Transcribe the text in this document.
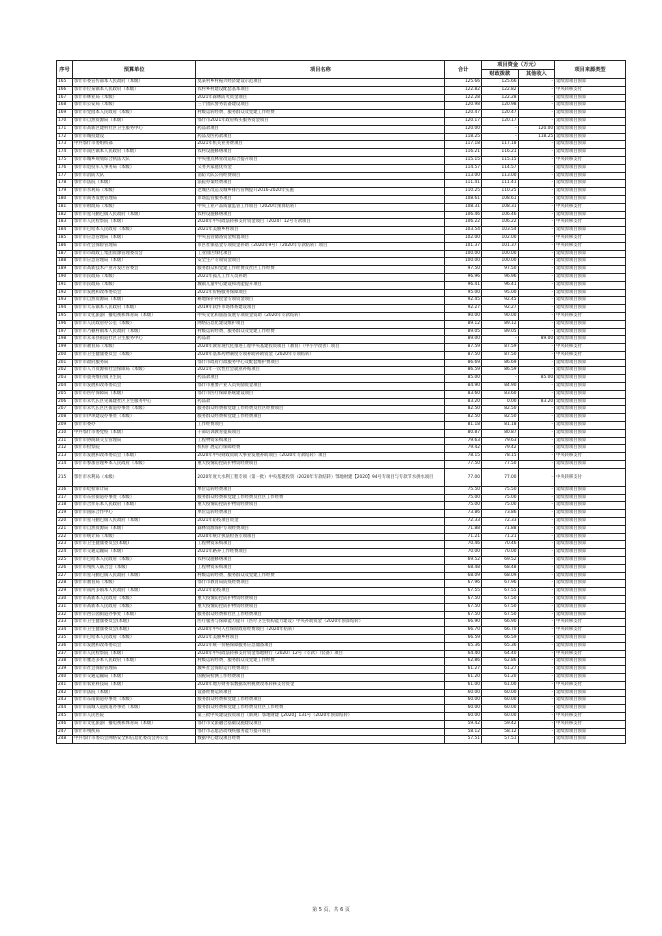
序号	预算单位	项目名称	合计	项目资金（万元）		项目来源类型
				财政拨款	其他收入	
165	鄂什市委宣传部本人民政府（本级）	莫某村乡村振兴经济建设示范项目	125.66	125.66	-	延续原项目预算
166	鄂什市位某镇本人民政府（本级）	农村乡村建设配套基本项目	122.82	122.82	-	中央转移支付
167	鄂什市林业局（本级）	2021年森林防火资金项目	122.28	122.28	-	延续原项目预算
168	鄂什市公安局（本级）	三个团队警务装备建设项目	120.98	120.98	-	延续原项目预算
169	鄂什市党园本人民政府（本级）	村级运转经费、服务群众及党建工作经费	120.47	120.47	-	延续原项目预算
170	鄂什市自然资源局（本级）	鄂什市2021年政府购买服务资金项目	120.17	120.17	-	延续原项目预算
171	鄂什市高新区建村社区卫生服务中心	药品款项目	120.00	-	120.00	延续原项目预算
172	鄂什市城投建设	药品及医药款项目	118.25	-	118.25	延续原项目预算
173	中共鄂什市委组织部	2021年机关业务费项目	117.18	117.18	-	延续原项目预算
174	鄂什市南区镇本人民政府（本级）	农村设施修缮项目	116.21	116.21	-	延续原项目预算
175	鄂什市城乡规划综合执法大队	中央重点林业改造综合提升项目	115.15	115.15	-	中央转移支付
176	鄂什市退役军人事务局（本级）	义务兵家庭优待金	114.57	114.57	-	延续原项目预算
177	鄂什市消防大队	消防大队公用经费项目	113.00	113.00	-	延续原项目预算
178	鄂什市法院（本级）	法院办案经费项目	111.41	111.41	-	延续原项目预算
179	鄂什市水利局（本级）	老城区改造及城乡排污管网提升2016-2020年实施	110.25	110.25	-	延续原项目预算
180	鄂什市商务发展管理局	市场监管服务项目	108.61	108.61	-	延续原项目预算
181	鄂什市财政局（本级）	中央工业产品质量监管工作项目（2020年预算结转）	108.31	108.31	-	中央转移支付
182	鄂什市星马勤巴镇人民政府（本级）	农村设施修缮项目	106.46	106.46	-	延续原项目预算
183	鄂什市人民检察院（本级）	2020年中央政法转移支付资金项目（2020）12号专款项目	106.22	106.22	-	中央转移支付
184	鄂什市巴哈本人民政府（本级）	2021年美丽乡村项目	103.54	103.54	-	延续原项目预算
185	鄂什市应急管理局（本级）	中央直管储备资金购置项目	102.00	102.00	-	中央转移支付
186	鄂什市社会保险管理局	市区社保基金专项资金补助（2020年9号）（2020年专款结转）项目	101.37	101.37	-	中央转移支付
187	鄂什市市政政工集团资源管理委员会	工业园区绿化项目	100.00	100.00	-	延续原项目预算
188	鄂什市应急管理局（本级）	安全生产专项资金项目	100.00	100.00	-	延续原项目预算
189	鄂什市高新技术产业开发区管委会	服务群众和党建工作经费及社区工作经费	97.50	97.50	-	延续原项目预算
190	鄂什市民政局（本级）	2021年孤儿工作人员补助	96.96	96.96	-	延续原项目预算
191	鄂什市民政局（本级）	城镇儿童中心建设和功能提升项目	96.41	96.41	-	延续原项目预算
192	鄂什市发展和改革委员会	2021年价格服务保障项目	95.00	95.00	-	延续原项目预算
193	鄂什市自然资源局（本级）	耕地保护补偿金专项资金项目	92.45	92.45	-	延续原项目预算
194	鄂什市大东镇本人民政府（本级）	2019年软件市场体系建设项目	92.27	92.27	-	延续原项目预算
195	鄂什市文化旅游广播电视和体育局（本级）	中央文化和旅游发展专项资金资助（2020年专款结转）	90.00	90.00	-	中央转移支付
196	鄂什市人民政府办公室（本级）	网络信息化建设维护项目	89.12	89.12	-	延续原项目预算
197	鄂什市乃顿村镇本人民政府（本级）	村级运转经费、服务群众及党建工作经费	89.05	89.05	-	延续原项目预算
198	鄂什市未来县街道社区卫生服务中心	药品款	89.00	-	89.00	延续原项目预算
199	鄂什市教育局（本级）	2020年教育现代化推进工程中央基建投资项目（教育）（中小学改善）项目	87.59	87.59	-	中央转移支付
200	鄂什市卫生健康委员会（本级）	2020年基本药物制度专项补助补助资金（2020年专项结转）	87.50	87.50	-	中央转移支付
201	鄂什市政府服务局	鄂什市政府行政服务中心及配套维护费项目	86.69	86.69	-	延续原项目预算
202	鄂什市人力资源和社会保障局（本级）	2021年一次性社会就业补贴项目	86.59	86.59	-	延续原项目预算
203	鄂什市童英维拉镇卫生院	药品款项目	85.00	-	85.00	延续原项目预算
204	鄂什市发展和改革委员会	鄂什市重要产业人员奖励资金项目	84.90	84.90	-	延续原项目预算
205	鄂什市医疗保障局（本级）	鄂什市医疗保障系统建设项目	83.60	83.60	-	延续原项目预算
206	鄂什市未代长区见离建社区卫生服务中心	药品款	83.20	0.00	83.20	延续原项目预算
207	鄂什市未代长区区街道办事处（本级）	服务群众经费和党建工作经费及社区经费项目	82.50	82.50	-	延续原项目预算
208	鄂什市伊坝建设办事处（本级）	服务群众经费和党建工作经费项目	82.50	82.50	-	延续原项目预算
209	鄂什市委办	工作经费项目	81.18	81.18	-	延续原项目预算
210	中共鄂什市委党校（本级）	干部培训教育提质项目	80.87	80.87	-	延续原项目预算
211	鄂什市协商联交互管理局	工程物资采购项目	79.63	79.63	-	延续原项目预算
212	鄂什市检察院	机构扩展运行保障经费	79.42	79.42	-	延续原项目预算
213	鄂什市发展和改革委员会（本级）	2020年中央财政资助大事业发展补助项目（2020年专款结转）项目	78.15	78.15	-	中央转移支付
214	鄂什市参加管理乡本人民政府（本级）	重大疫情防控防护物资经费项目	77.50	77.50	-	延续原项目预算
215	鄂什市水利局（本级）	2020年度大水利工程专项（第一批）中央基建投资（2020年专款结转）鄂地财建【2020】94号专项目与专款节水供水项目	77.00	77.00	-	中央转移支付
216	鄂什市纪检审计局	单位运转经费项目	75.50	75.50	-	延续原项目预算
217	鄂什市东拉街道办事处（本级）	服务群众经费和党建工作经费及社区工作经费	75.00	75.00	-	延续原项目预算
218	鄂什市合作东本人民政府（本级）	重大疫情防控防护物资经费项目	75.00	75.00	-	延续原项目预算
219	鄂什市国际合作中心	单位运转经费项目	73.86	73.86	-	延续原项目预算
220	鄂什市星马勤巴镇人民政府（本级）	2021年防疫项目资金	72.33	72.33	-	延续原项目预算
221	鄂什市自然资源局（本级）	森林资源保护专项经费项目	71.88	71.88	-	延续原项目预算
222	鄂什市统计局（本级）	2020年统计执法检查专项项目	71.21	71.21	-	延续原项目预算
223	鄂什市卫生健康委员会(本级)	工程物资采购项目	70.46	70.46	-	延续原项目预算
224	鄂什市交通运输局（本级）	2021年路养工作经费项目	70.00	70.00	-	延续原项目预算
225	鄂什市巴哈本人民政府（本级）	农村设施修缮项目	69.52	69.52	-	延续原项目预算
226	鄂什市残疾人联合会（本级）	工程物资采购项目	68.48	68.48	-	延续原项目预算
227	鄂什市星马勤巴镇人民政府（本级）	村级运转经费、服务群众及党建工作经费	68.09	68.09	-	延续原项目预算
228	鄂什市教育局（本级）	鄂什市教育局防疫经费项目	67.96	67.96	-	延续原项目预算
229	鄂什市南河多镇本人民政府（本级）	2021年防疫项目	67.55	67.55	-	延续原项目预算
230	鄂什市高新本人民政府（本级）	重大疫情防控防护物资经费项目	67.50	67.50	-	延续原项目预算
231	鄂什市高新本人民政府（本级）	重大疫情防控防护物资经费项目	67.50	67.50	-	延续原项目预算
232	鄂什市西公园街道办事处（本级）	服务群众经费和社区工作经费项目	67.50	67.50	-	延续原项目预算
233	鄂什市卫生健康委员会(本级)	医疗服务与保障能力提升（医疗卫生机构能力建设）中央补助资金（2020年预算结转）	66.90	66.90	-	中央转移支付
234	鄂什市卫生健康委员会(本级)	2020年中央人社保险政府经费项目（2020年结转）	66.70	66.70	-	中央转移支付
235	鄂什市巴哈本人民政府（本级）	2021年美丽乡村项目	66.59	66.59	-	延续原项目预算
236	鄂什市发展和改革委员会	2021年统一价格保障服务应急储备项目	65.36	65.36	-	延续原项目预算
237	鄂什市人民检察院（本级）	2020年中央政法转移支付资金鄂地财行（2020）12号（专款）（装备）项目	64.40	64.40	-	中央转移支付
238	鄂什市雅达多本人民政府（本级）	村级运转经费、服务群众及党建工作经费	62.86	62.86	-	延续原项目预算
239	鄂什市社会保险管理局	城乡社会保险运行经费项目	61.27	61.27	-	延续原项目预算
240	鄂什市交通运输局（本级）	国税局检测工作经费项目	61.20	61.20	-	延续原项目预算
241	鄂什市农业科技局（本级）	2020年地方财务农数据农村税费改革转移支付资金	61.00	61.00	-	中央转移支付
242	鄂什市法院（本级）	设备经费运转项目	60.00	60.00	-	延续原项目预算
243	鄂什市东南街道办事处（本级）	服务群众经费和党建工作经费项目	60.00	60.00	-	延续原项目预算
244	鄂什市南城人道街道办事处（本级）	服务群众经费和党建工作经费及社区工作经费	60.00	60.00	-	延续原项目预算
245	鄂什市人民医院	第三批中央建设投资项目（新规）鄂地财建【2020】131号（2020年预算结转）	60.00	60.00	-	中央转移支付
246	鄂什市文化旅游广播电视和体育局（本级）	鄂什市文旅融合基础设施建设项目	59.42	59.42	-	中央转移支付
247	鄂什市残疾局	鄂什市志愿活动残疾服务能力提升项目	58.12	58.12	-	延续原项目预算
248	中共鄂什市委员会网络安全和信息化委员会办公室	数据中心建设项目经费	57.51	57.51	-	延续原项目预算
第 5 页，共 6 页
